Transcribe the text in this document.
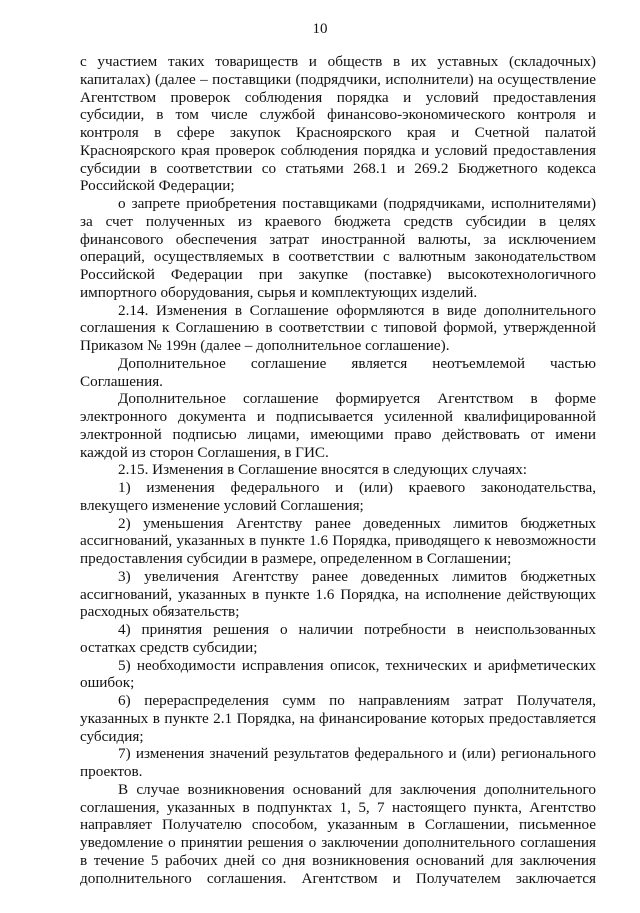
10

с участием таких товариществ и обществ в их уставных (складочных) капиталах) (далее – поставщики (подрядчики, исполнители) на осуществление Агентством проверок соблюдения порядка и условий предоставления субсидии, в том числе службой финансово-экономического контроля и контроля в сфере закупок Красноярского края и Счетной палатой Красноярского края проверок соблюдения порядка и условий предоставления субсидии в соответствии со статьями 268.1 и 269.2 Бюджетного кодекса Российской Федерации;

о запрете приобретения поставщиками (подрядчиками, исполнителями) за счет полученных из краевого бюджета средств субсидии в целях финансового обеспечения затрат иностранной валюты, за исключением операций, осуществляемых в соответствии с валютным законодательством Российской Федерации при закупке (поставке) высокотехнологичного импортного оборудования, сырья и комплектующих изделий.

2.14. Изменения в Соглашение оформляются в виде дополнительного соглашения к Соглашению в соответствии с типовой формой, утвержденной Приказом № 199н (далее – дополнительное соглашение).

Дополнительное соглашение является неотъемлемой частью Соглашения.

Дополнительное соглашение формируется Агентством в форме электронного документа и подписывается усиленной квалифицированной электронной подписью лицами, имеющими право действовать от имени каждой из сторон Соглашения, в ГИС.

2.15. Изменения в Соглашение вносятся в следующих случаях:

1) изменения федерального и (или) краевого законодательства, влекущего изменение условий Соглашения;

2) уменьшения Агентству ранее доведенных лимитов бюджетных ассигнований, указанных в пункте 1.6 Порядка, приводящего к невозможности предоставления субсидии в размере, определенном в Соглашении;

3) увеличения Агентству ранее доведенных лимитов бюджетных ассигнований, указанных в пункте 1.6 Порядка, на исполнение действующих расходных обязательств;

4) принятия решения о наличии потребности в неиспользованных остатках средств субсидии;

5) необходимости исправления описок, технических и арифметических ошибок;

6) перераспределения сумм по направлениям затрат Получателя, указанных в пункте 2.1 Порядка, на финансирование которых предоставляется субсидия;

7) изменения значений результатов федерального и (или) регионального проектов.

В случае возникновения оснований для заключения дополнительного соглашения, указанных в подпунктах 1, 5, 7 настоящего пункта, Агентство направляет Получателю способом, указанным в Соглашении, письменное уведомление о принятии решения о заключении дополнительного соглашения в течение 5 рабочих дней со дня возникновения оснований для заключения дополнительного соглашения. Агентством и Получателем заключается
